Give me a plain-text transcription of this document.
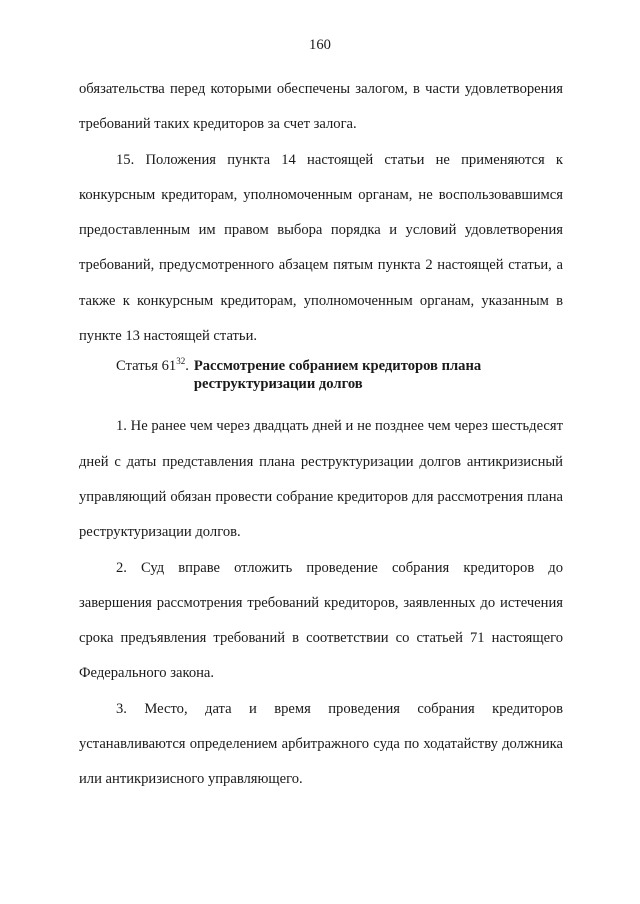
160

обязательства перед которыми обеспечены залогом, в части удовлетворения требований таких кредиторов за счет залога.

15. Положения пункта 14 настоящей статьи не применяются к конкурсным кредиторам, уполномоченным органам, не воспользовавшимся предоставленным им правом выбора порядка и условий удовлетворения требований, предусмотренного абзацем пятым пункта 2 настоящей статьи, а также к конкурсным кредиторам, уполномоченным органам, указанным в пункте 13 настоящей статьи.

Статья $61^{32}$. Рассмотрение собранием кредиторов плана реструктуризации долгов

1. Не ранее чем через двадцать дней и не позднее чем через шестьдесят дней с даты представления плана реструктуризации долгов антикризисный управляющий обязан провести собрание кредиторов для рассмотрения плана реструктуризации долгов.

2. Суд вправе отложить проведение собрания кредиторов до завершения рассмотрения требований кредиторов, заявленных до истечения срока предъявления требований в соответствии со статьей 71 настоящего Федерального закона.

3. Место, дата и время проведения собрания кредиторов устанавливаются определением арбитражного суда по ходатайству должника или антикризисного управляющего.
